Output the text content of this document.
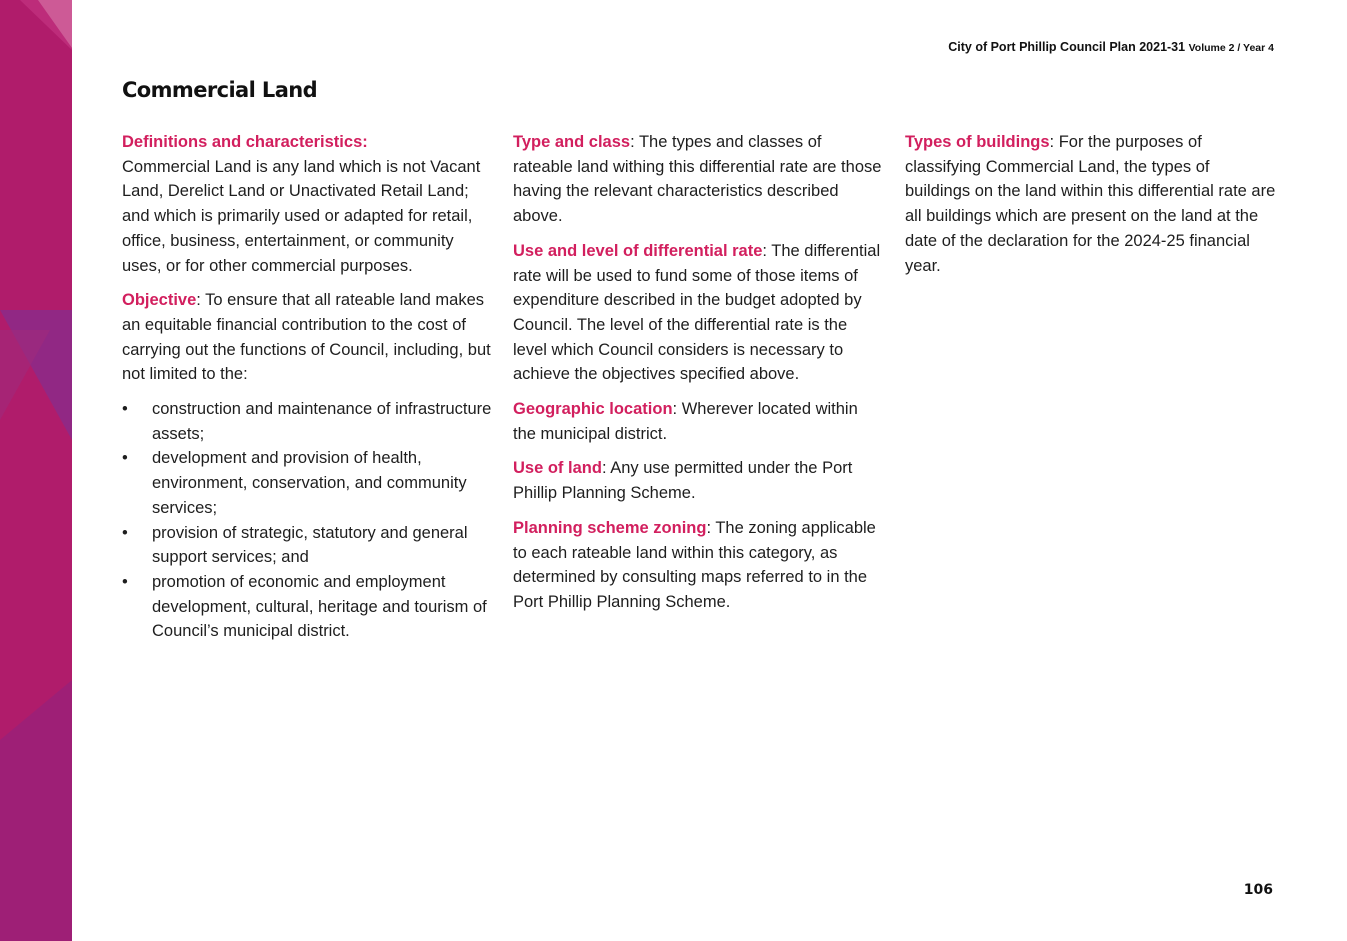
City of Port Phillip Council Plan 2021-31 Volume 2 / Year 4
Commercial Land

Definitions and characteristics:
Commercial Land is any land which is not Vacant Land, Derelict Land or Unactivated Retail Land; and which is primarily used or adapted for retail, office, business, entertainment, or community uses, or for other commercial purposes.

Objective: To ensure that all rateable land makes an equitable financial contribution to the cost of carrying out the functions of Council, including, but not limited to the:

• construction and maintenance of infrastructure assets;
• development and provision of health, environment, conservation, and community services;
• provision of strategic, statutory and general support services; and
• promotion of economic and employment development, cultural, heritage and tourism of Council’s municipal district.

Type and class: The types and classes of rateable land withing this differential rate are those having the relevant characteristics described above.

Use and level of differential rate: The differential rate will be used to fund some of those items of expenditure described in the budget adopted by Council. The level of the differential rate is the level which Council considers is necessary to achieve the objectives specified above.

Geographic location: Wherever located within the municipal district.

Use of land: Any use permitted under the Port Phillip Planning Scheme.

Planning scheme zoning: The zoning applicable to each rateable land within this category, as determined by consulting maps referred to in the Port Phillip Planning Scheme.

Types of buildings: For the purposes of classifying Commercial Land, the types of buildings on the land within this differential rate are all buildings which are present on the land at the date of the declaration for the 2024-25 financial year.

106
